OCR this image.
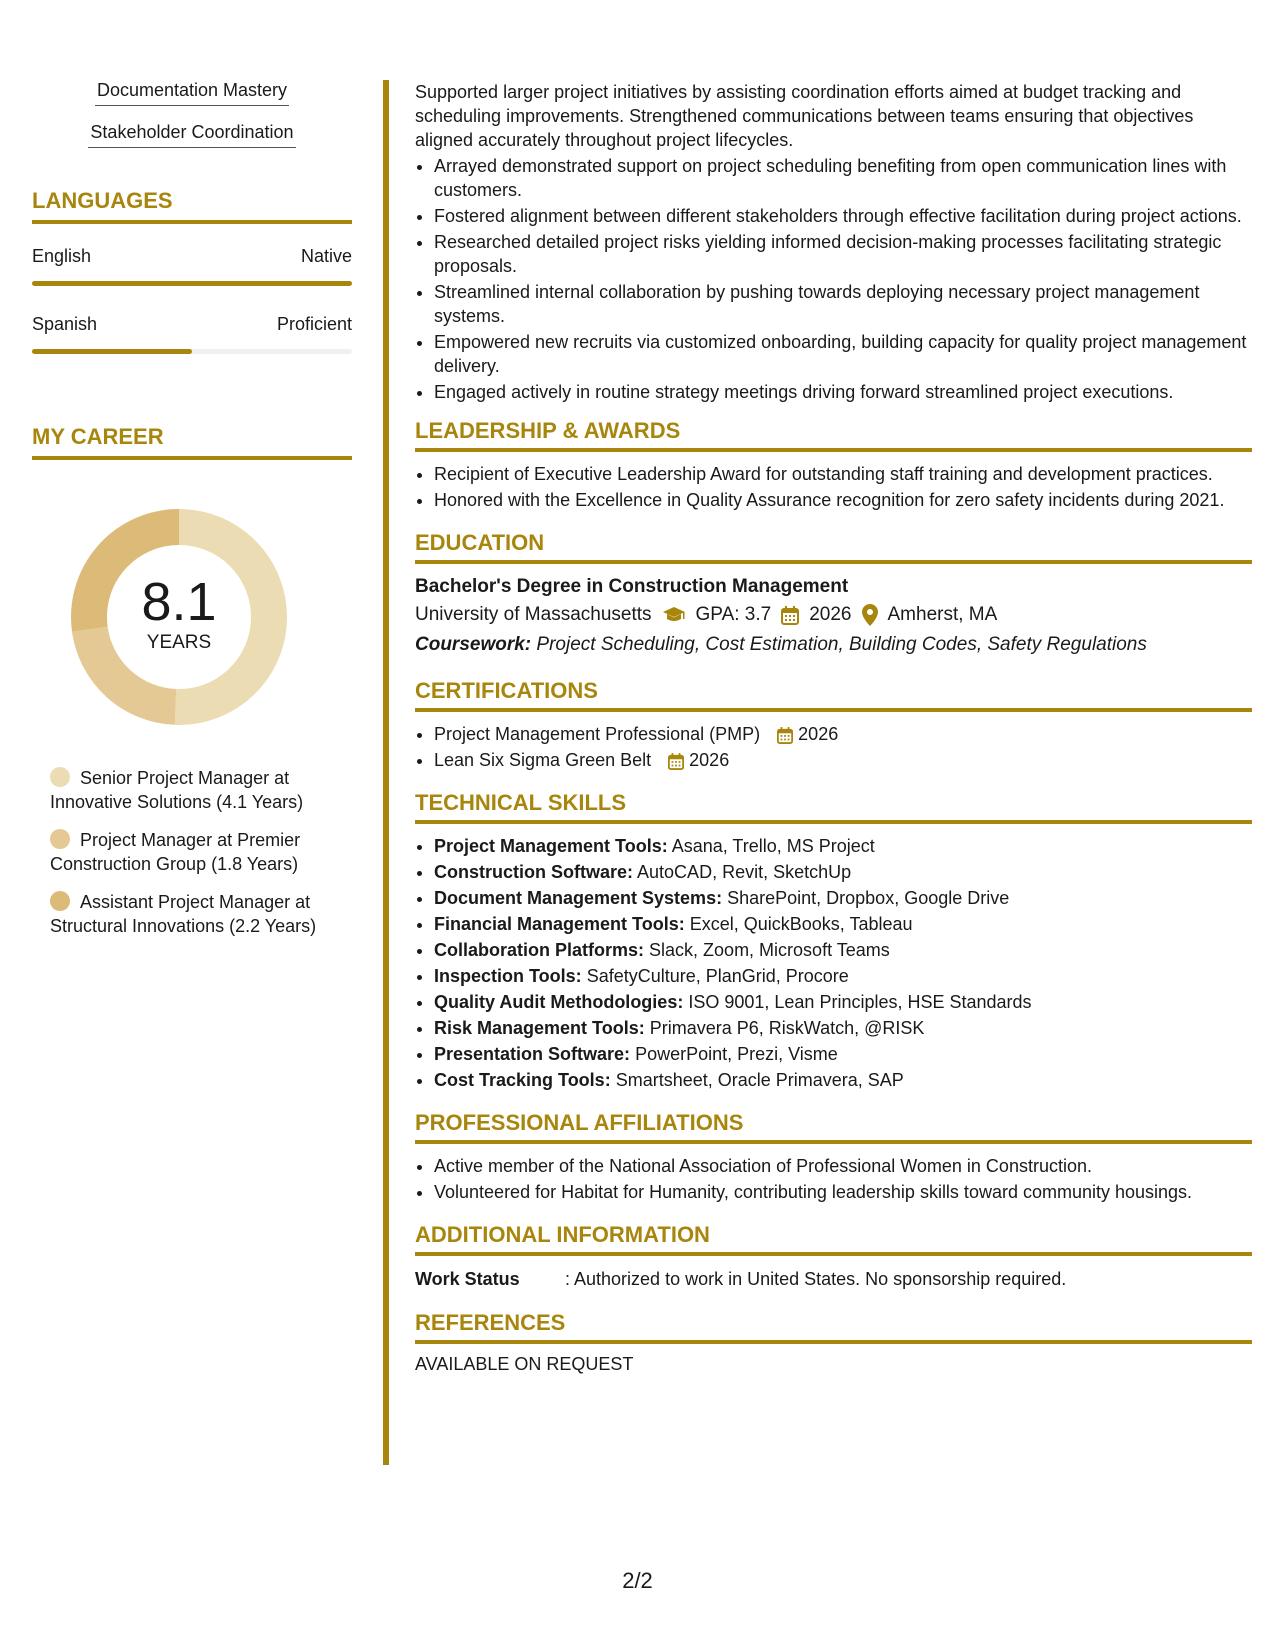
Documentation Mastery
Stakeholder Coordination
LANGUAGES
English	Native
Spanish	Proficient
MY CAREER
8.1
YEARS
Senior Project Manager at Innovative Solutions (4.1 Years)
Project Manager at Premier Construction Group (1.8 Years)
Assistant Project Manager at Structural Innovations (2.2 Years)

Supported larger project initiatives by assisting coordination efforts aimed at budget tracking and scheduling improvements. Strengthened communications between teams ensuring that objectives aligned accurately throughout project lifecycles.

• Arrayed demonstrated support on project scheduling benefiting from open communication lines with customers.
• Fostered alignment between different stakeholders through effective facilitation during project actions.
• Researched detailed project risks yielding informed decision-making processes facilitating strategic proposals.
• Streamlined internal collaboration by pushing towards deploying necessary project management systems.
• Empowered new recruits via customized onboarding, building capacity for quality project management delivery.
• Engaged actively in routine strategy meetings driving forward streamlined project executions.
LEADERSHIP & AWARDS
• Recipient of Executive Leadership Award for outstanding staff training and development practices.
• Honored with the Excellence in Quality Assurance recognition for zero safety incidents during 2021.
EDUCATION
Bachelor's Degree in Construction Management
University of Massachusetts GPA: 3.7 2026 Amherst, MA
Coursework: Project Scheduling, Cost Estimation, Building Codes, Safety Regulations
CERTIFICATIONS
• Project Management Professional (PMP) 2026
• Lean Six Sigma Green Belt 2026
TECHNICAL SKILLS
• Project Management Tools: Asana, Trello, MS Project
• Construction Software: AutoCAD, Revit, SketchUp
• Document Management Systems: SharePoint, Dropbox, Google Drive
• Financial Management Tools: Excel, QuickBooks, Tableau
• Collaboration Platforms: Slack, Zoom, Microsoft Teams
• Inspection Tools: SafetyCulture, PlanGrid, Procore
• Quality Audit Methodologies: ISO 9001, Lean Principles, HSE Standards
• Risk Management Tools: Primavera P6, RiskWatch, @RISK
• Presentation Software: PowerPoint, Prezi, Visme
• Cost Tracking Tools: Smartsheet, Oracle Primavera, SAP
PROFESSIONAL AFFILIATIONS
• Active member of the National Association of Professional Women in Construction.
• Volunteered for Habitat for Humanity, contributing leadership skills toward community housings.
ADDITIONAL INFORMATION
Work Status	: Authorized to work in United States. No sponsorship required.
REFERENCES
AVAILABLE ON REQUEST
2/2
